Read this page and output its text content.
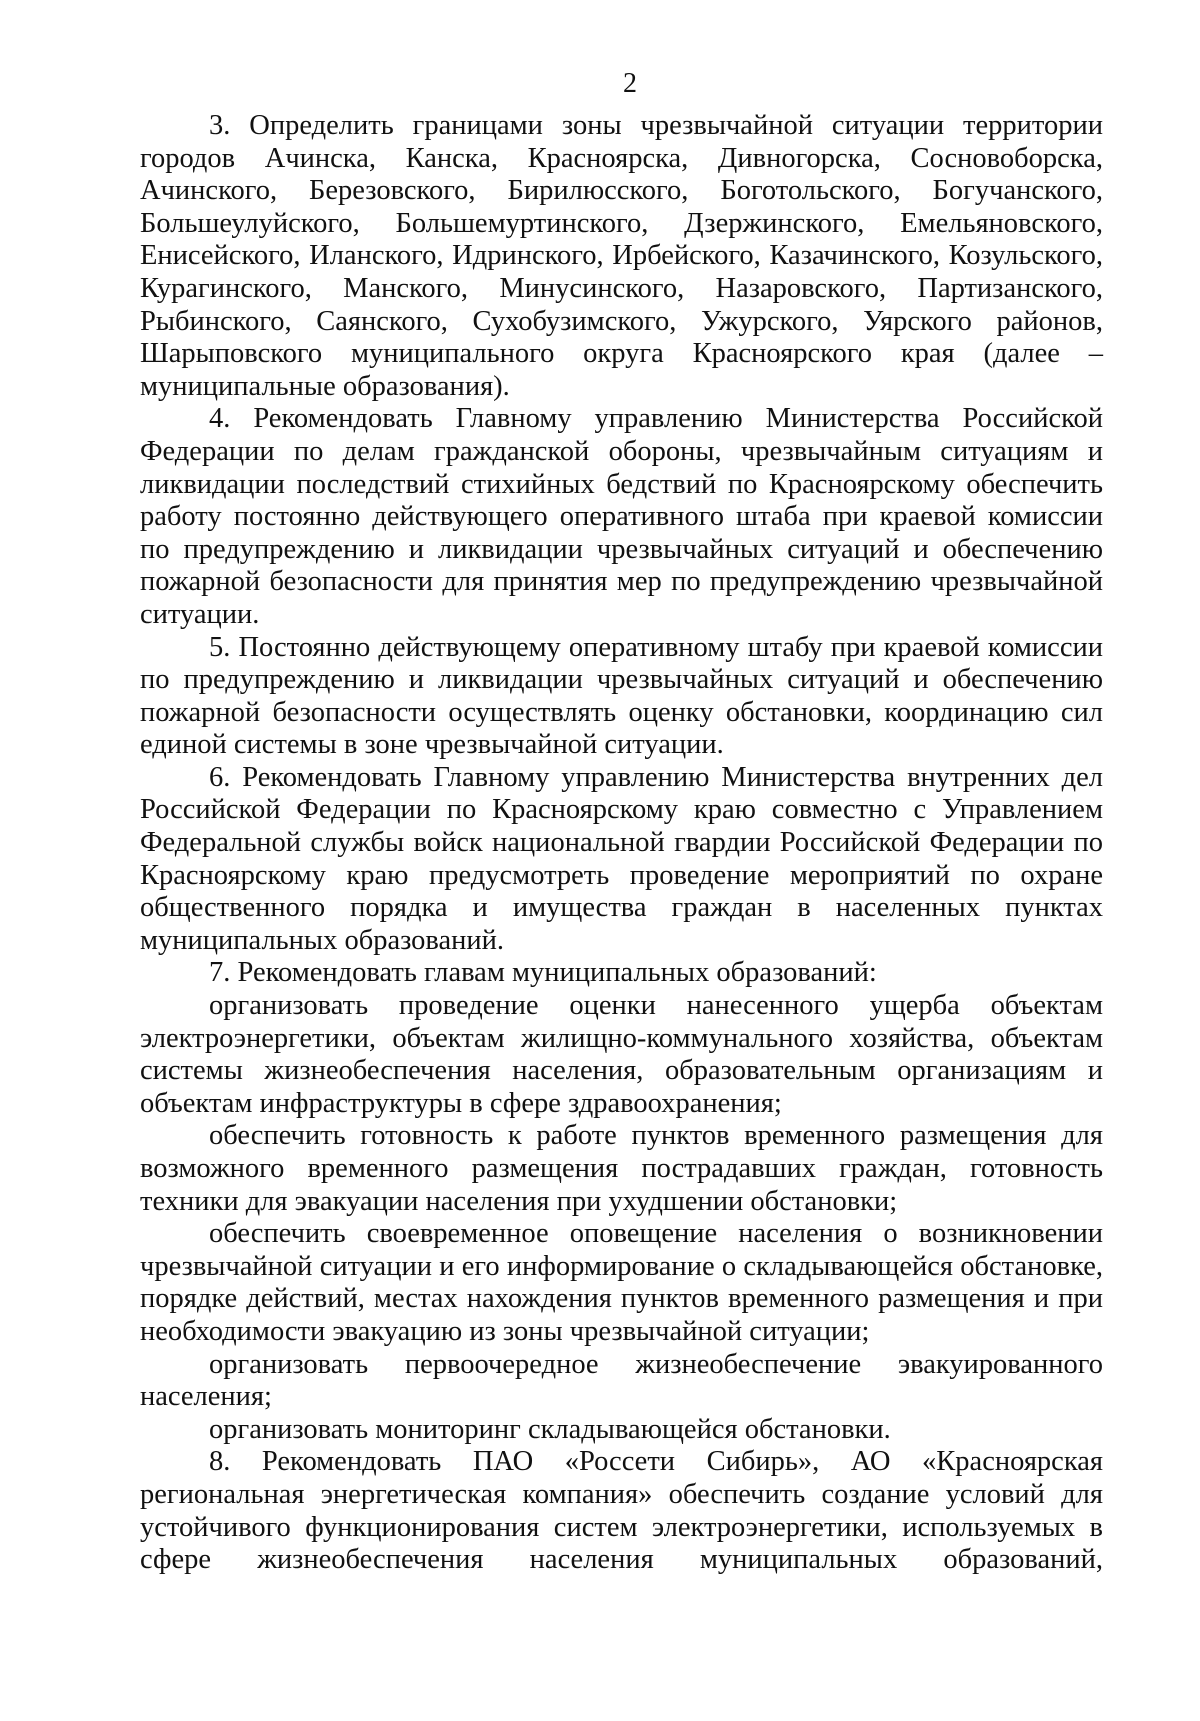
2

3. Определить границами зоны чрезвычайной ситуации территории городов Ачинска, Канска, Красноярска, Дивногорска, Сосновоборска, Ачинского, Березовского, Бирилюсского, Боготольского, Богучанского, Большеулуйского, Большемуртинского, Дзержинского, Емельяновского, Енисейского, Иланского, Идринского, Ирбейского, Казачинского, Козульского, Курагинского, Манского, Минусинского, Назаровского, Партизанского, Рыбинского, Саянского, Сухобузимского, Ужурского, Уярского районов, Шарыповского муниципального округа Красноярского края (далее – муниципальные образования).

4. Рекомендовать Главному управлению Министерства Российской Федерации по делам гражданской обороны, чрезвычайным ситуациям и ликвидации последствий стихийных бедствий по Красноярскому обеспечить работу постоянно действующего оперативного штаба при краевой комиссии по предупреждению и ликвидации чрезвычайных ситуаций и обеспечению пожарной безопасности для принятия мер по предупреждению чрезвычайной ситуации.

5. Постоянно действующему оперативному штабу при краевой комиссии по предупреждению и ликвидации чрезвычайных ситуаций и обеспечению пожарной безопасности осуществлять оценку обстановки, координацию сил единой системы в зоне чрезвычайной ситуации.

6. Рекомендовать Главному управлению Министерства внутренних дел Российской Федерации по Красноярскому краю совместно с Управлением Федеральной службы войск национальной гвардии Российской Федерации по Красноярскому краю предусмотреть проведение мероприятий по охране общественного порядка и имущества граждан в населенных пунктах муниципальных образований.

7. Рекомендовать главам муниципальных образований:

организовать проведение оценки нанесенного ущерба объектам электроэнергетики, объектам жилищно-коммунального хозяйства, объектам системы жизнеобеспечения населения, образовательным организациям и объектам инфраструктуры в сфере здравоохранения;

обеспечить готовность к работе пунктов временного размещения для возможного временного размещения пострадавших граждан, готовность техники для эвакуации населения при ухудшении обстановки;

обеспечить своевременное оповещение населения о возникновении чрезвычайной ситуации и его информирование о складывающейся обстановке, порядке действий, местах нахождения пунктов временного размещения и при необходимости эвакуацию из зоны чрезвычайной ситуации;

организовать первоочередное жизнеобеспечение эвакуированного населения;

организовать мониторинг складывающейся обстановки.

8. Рекомендовать ПАО «Россети Сибирь», АО «Красноярская региональная энергетическая компания» обеспечить создание условий для устойчивого функционирования систем электроэнергетики, используемых в сфере жизнеобеспечения населения муниципальных образований,
